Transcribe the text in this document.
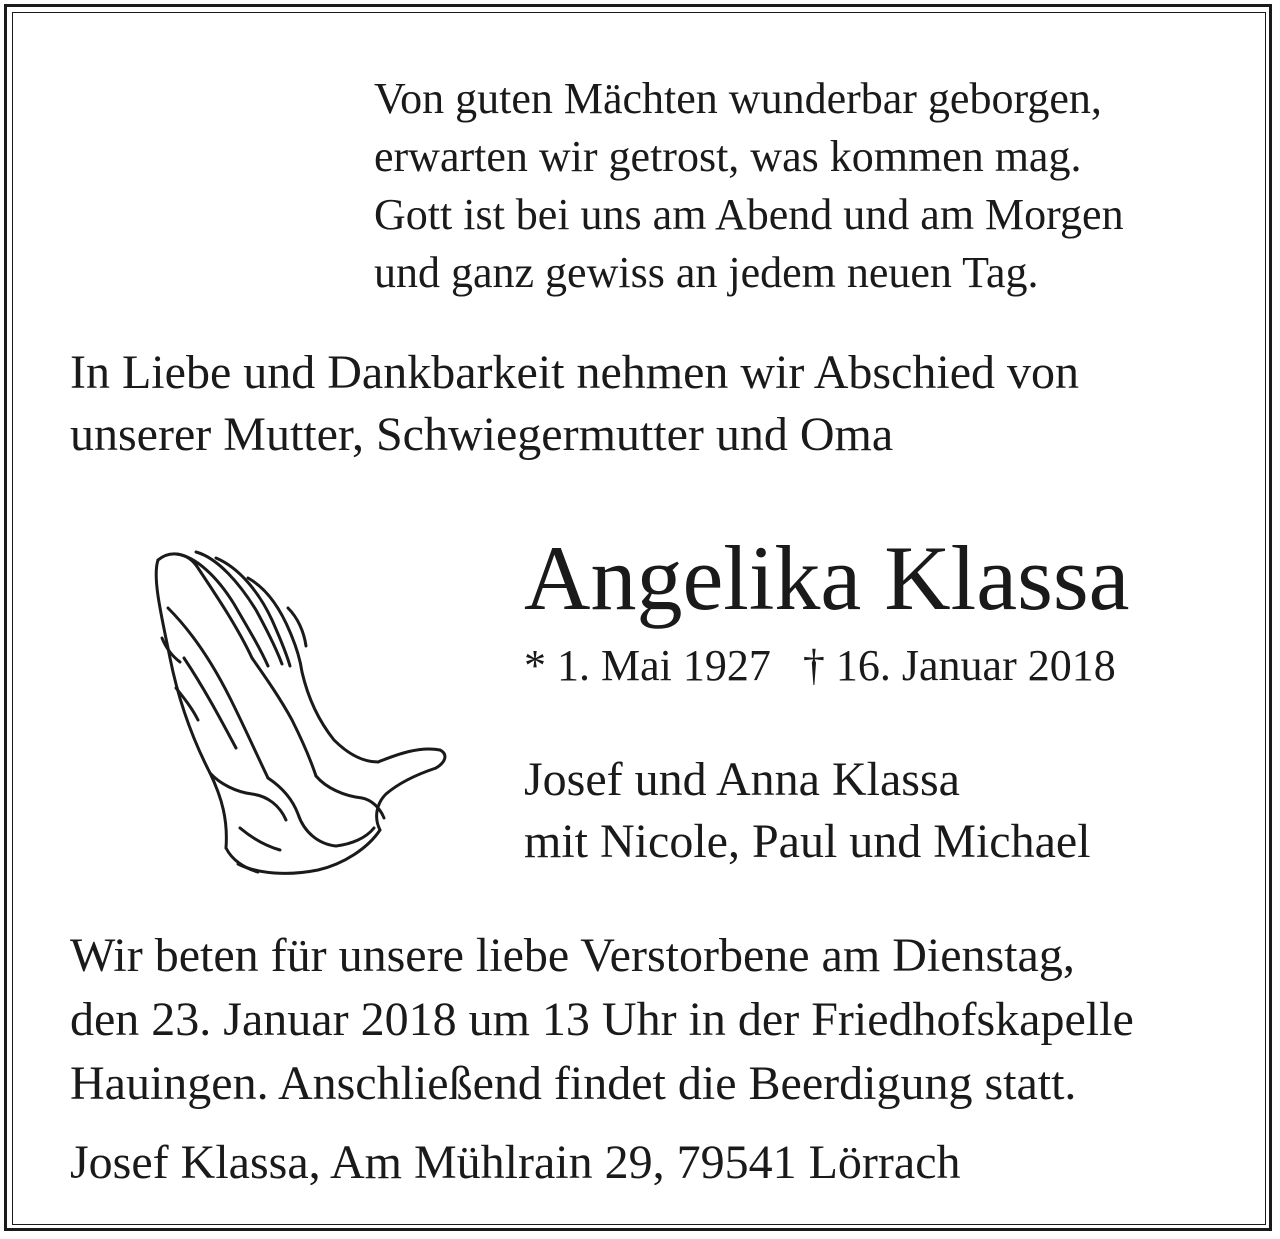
Von guten Mächten wunderbar geborgen,
erwarten wir getrost, was kommen mag.
Gott ist bei uns am Abend und am Morgen
und ganz gewiss an jedem neuen Tag.
In Liebe und Dankbarkeit nehmen wir Abschied von
unserer Mutter, Schwiegermutter und Oma
Angelika Klassa
* 1. Mai 1927 † 16. Januar 2018
Josef und Anna Klassa
mit Nicole, Paul und Michael
Wir beten für unsere liebe Verstorbene am Dienstag,
den 23. Januar 2018 um 13 Uhr in der Friedhofskapelle
Hauingen. Anschließend findet die Beerdigung statt.
Josef Klassa, Am Mühlrain 29, 79541 Lörrach
